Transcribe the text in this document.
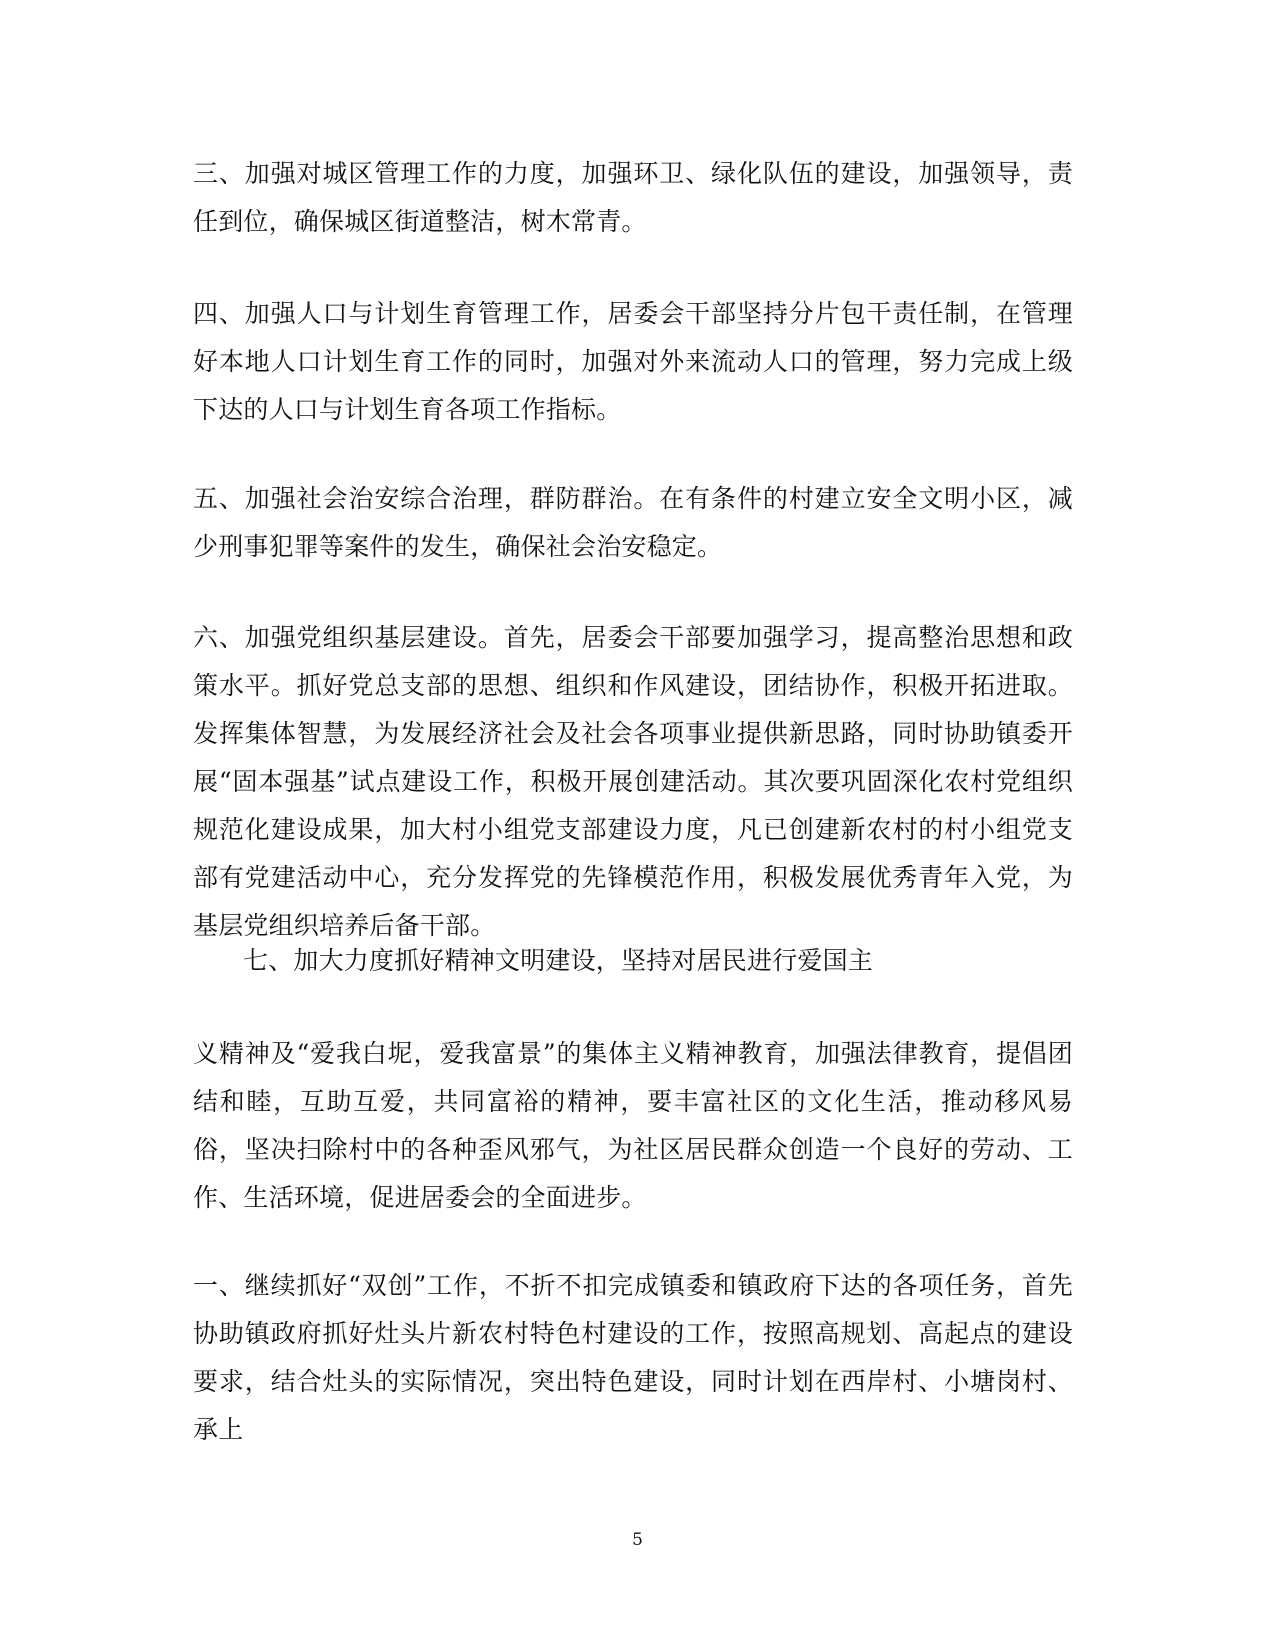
三、加强对城区管理工作的力度，加强环卫、绿化队伍的建设，加强领导，责任到位，确保城区街道整洁，树木常青。

四、加强人口与计划生育管理工作，居委会干部坚持分片包干责任制，在管理好本地人口计划生育工作的同时，加强对外来流动人口的管理，努力完成上级下达的人口与计划生育各项工作指标。

五、加强社会治安综合治理，群防群治。在有条件的村建立安全文明小区，减少刑事犯罪等案件的发生，确保社会治安稳定。

六、加强党组织基层建设。首先，居委会干部要加强学习，提高整治思想和政策水平。抓好党总支部的思想、组织和作风建设，团结协作，积极开拓进取。发挥集体智慧，为发展经济社会及社会各项事业提供新思路，同时协助镇委开展“固本强基”试点建设工作，积极开展创建活动。其次要巩固深化农村党组织规范化建设成果，加大村小组党支部建设力度，凡已创建新农村的村小组党支部有党建活动中心，充分发挥党的先锋模范作用，积极发展优秀青年入党，为基层党组织培养后备干部。

七、加大力度抓好精神文明建设，坚持对居民进行爱国主

义精神及“爱我白坭，爱我富景”的集体主义精神教育，加强法律教育，提倡团结和睦，互助互爱，共同富裕的精神，要丰富社区的文化生活，推动移风易俗，坚决扫除村中的各种歪风邪气，为社区居民群众创造一个良好的劳动、工作、生活环境，促进居委会的全面进步。

一、继续抓好“双创”工作，不折不扣完成镇委和镇政府下达的各项任务，首先协助镇政府抓好灶头片新农村特色村建设的工作，按照高规划、高起点的建设要求，结合灶头的实际情况，突出特色建设，同时计划在西岸村、小塘岗村、承上

5
